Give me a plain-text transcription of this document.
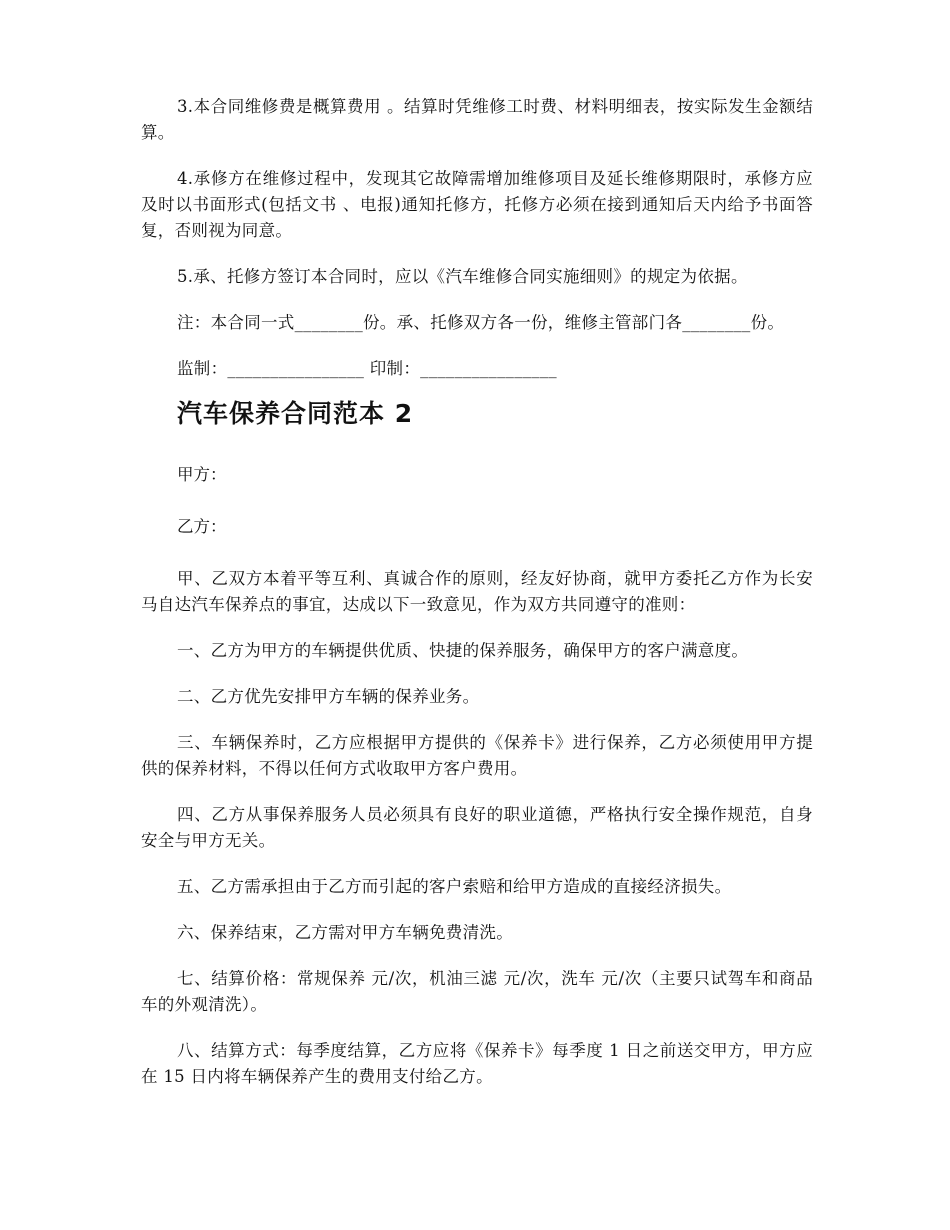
3.本合同维修费是概算费用 。结算时凭维修工时费、材料明细表，按实际发生金额结算。

4.承修方在维修过程中，发现其它故障需增加维修项目及延长维修期限时，承修方应及时以书面形式(包括文书 、电报)通知托修方，托修方必须在接到通知后天内给予书面答复，否则视为同意。

5.承、托修方签订本合同时，应以《汽车维修合同实施细则》的规定为依据。

注：本合同一式________份。承、托修双方各一份，维修主管部门各________份。

监制：________________ 印制：________________

汽车保养合同范本 2

甲方：

乙方：

甲、乙双方本着平等互利、真诚合作的原则，经友好协商，就甲方委托乙方作为长安马自达汽车保养点的事宜，达成以下一致意见，作为双方共同遵守的准则：

一、乙方为甲方的车辆提供优质、快捷的保养服务，确保甲方的客户满意度。

二、乙方优先安排甲方车辆的保养业务。

三、车辆保养时，乙方应根据甲方提供的《保养卡》进行保养，乙方必须使用甲方提供的保养材料，不得以任何方式收取甲方客户费用。

四、乙方从事保养服务人员必须具有良好的职业道德，严格执行安全操作规范，自身安全与甲方无关。

五、乙方需承担由于乙方而引起的客户索赔和给甲方造成的直接经济损失。

六、保养结束，乙方需对甲方车辆免费清洗。

七、结算价格：常规保养 元/次，机油三滤 元/次，洗车 元/次（主要只试驾车和商品车的外观清洗）。

八、结算方式：每季度结算，乙方应将《保养卡》每季度 1 日之前送交甲方，甲方应在 15 日内将车辆保养产生的费用支付给乙方。
